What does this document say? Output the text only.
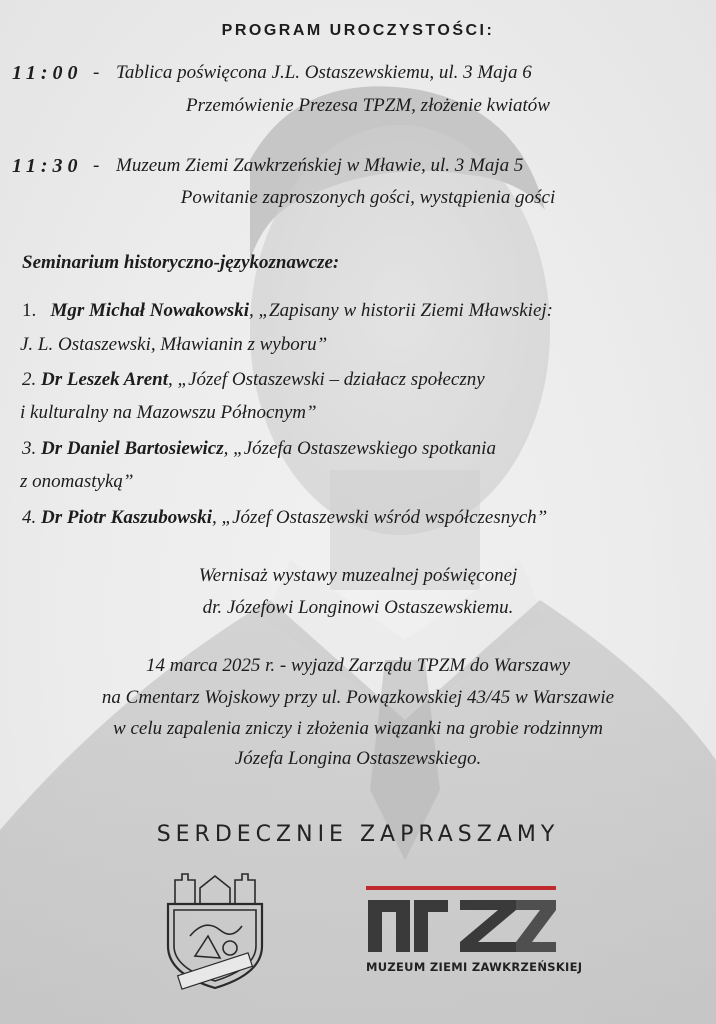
PROGRAM UROCZYSTOŚCI:
11:00 - Tablica poświęcona J.L. Ostaszewskiemu, ul. 3 Maja 6
Przemówienie Prezesa TPZM, złożenie kwiatów
11:30 - Muzeum Ziemi Zawkrzeńskiej w Mławie, ul. 3 Maja 5
Powitanie zaproszonych gości, wystąpienia gości
Seminarium historyczno-językoznawcze:
1. Mgr Michał Nowakowski, „Zapisany w historii Ziemi Mławskiej:
J. L. Ostaszewski, Mławianin z wyboru”
2. Dr Leszek Arent, „Józef Ostaszewski – działacz społeczny
i kulturalny na Mazowszu Północnym”
3. Dr Daniel Bartosiewicz, „Józefa Ostaszewskiego spotkania
z onomastyką”
4. Dr Piotr Kaszubowski, „Józef Ostaszewski wśród współczesnych”
Wernisaż wystawy muzealnej poświęconej
dr. Józefowi Longinowi Ostaszewskiemu.
14 marca 2025 r. - wyjazd Zarządu TPZM do Warszawy
na Cmentarz Wojskowy przy ul. Powązkowskiej 43/45 w Warszawie
w celu zapalenia zniczy i złożenia wiązanki na grobie rodzinnym
Józefa Longina Ostaszewskiego.
SERDECZNIE ZAPRASZAMY
MUZEUM ZIEMI ZAWKRZEŃSKIEJ
